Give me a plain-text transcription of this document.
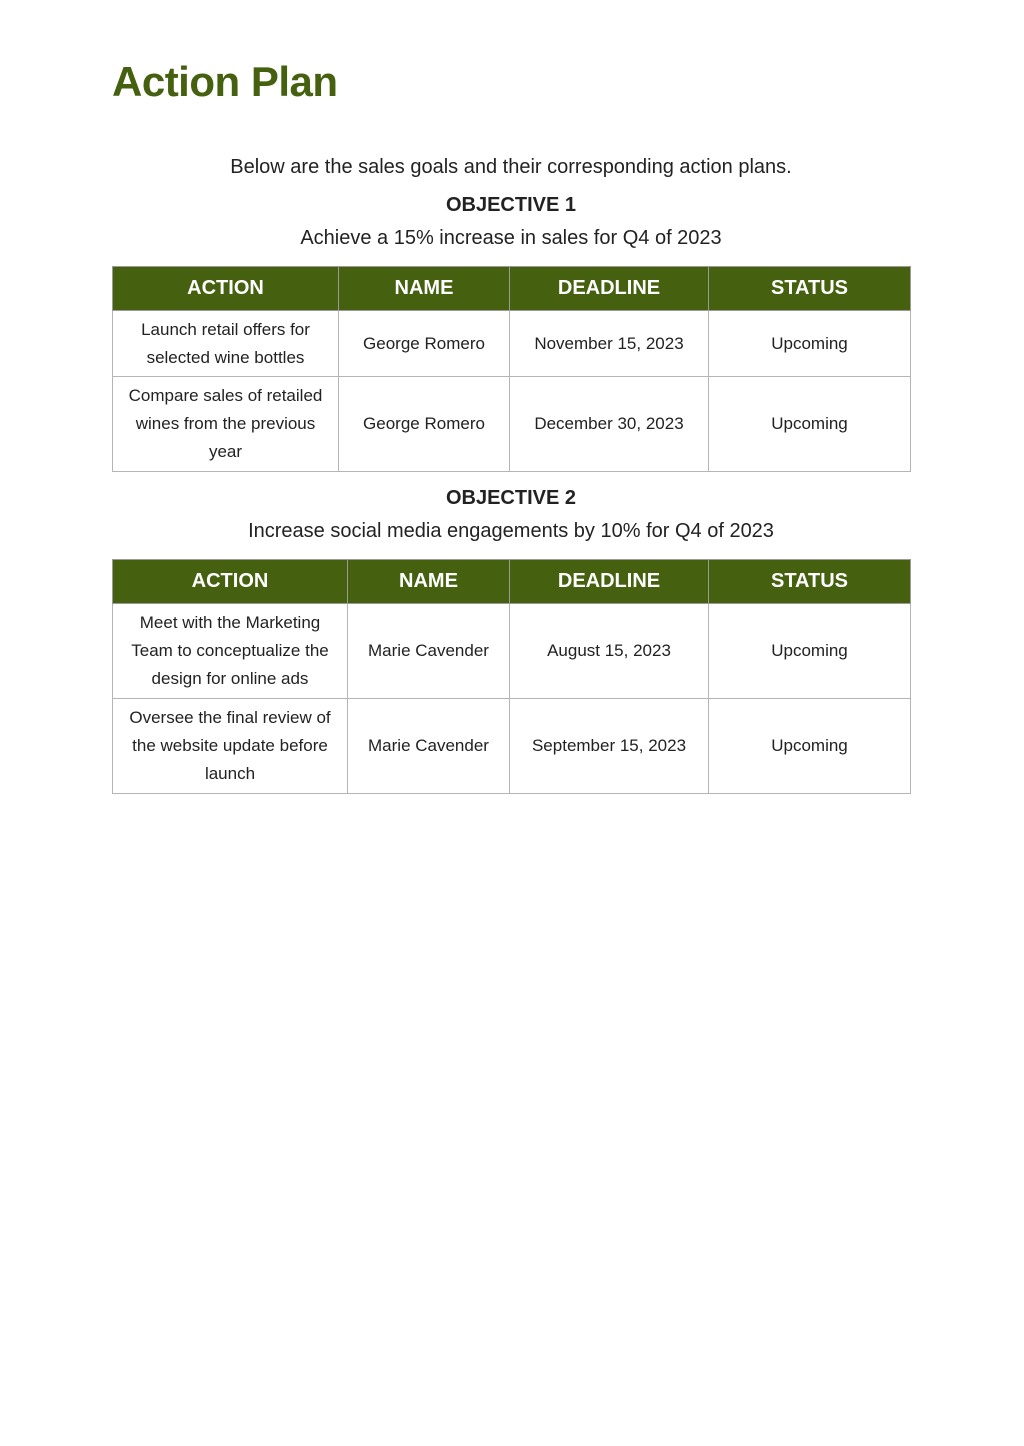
Action Plan

Below are the sales goals and their corresponding action plans.

OBJECTIVE 1

Achieve a 15% increase in sales for Q4 of 2023

ACTION	NAME	DEADLINE	STATUS
Launch retail offers for selected wine bottles	George Romero	November 15, 2023	Upcoming
Compare sales of retailed wines from the previous year	George Romero	December 30, 2023	Upcoming

OBJECTIVE 2

Increase social media engagements by 10% for Q4 of 2023

ACTION	NAME	DEADLINE	STATUS
Meet with the Marketing Team to conceptualize the design for online ads	Marie Cavender	August 15, 2023	Upcoming
Oversee the final review of the website update before launch	Marie Cavender	September 15, 2023	Upcoming
